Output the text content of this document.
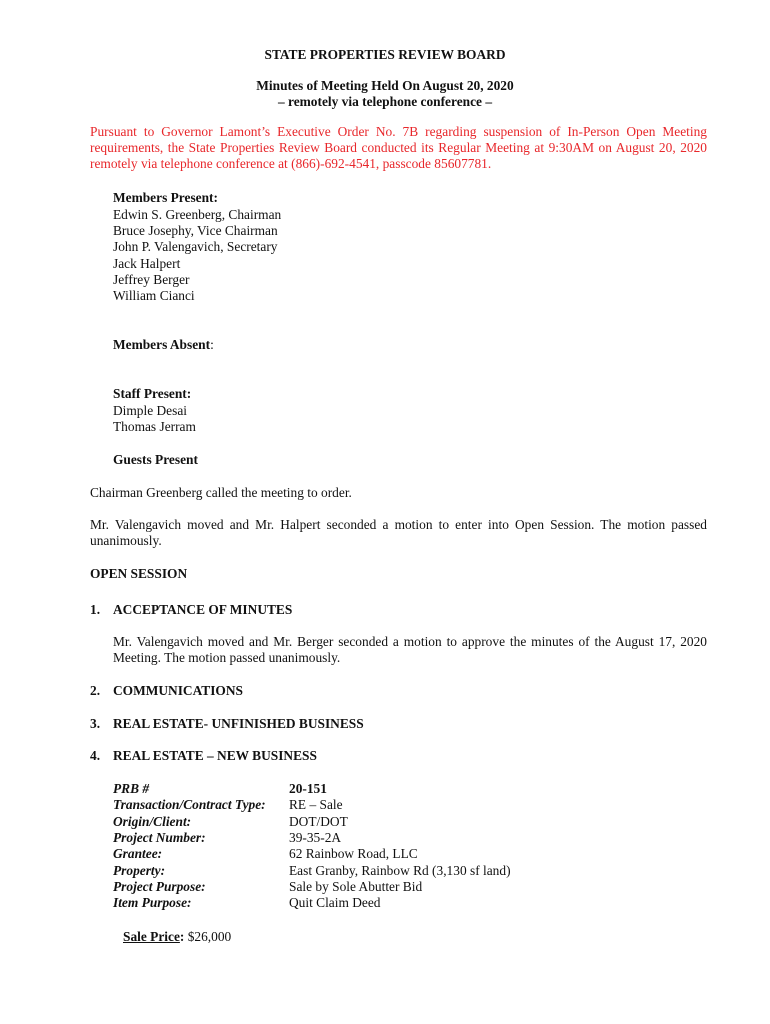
STATE PROPERTIES REVIEW BOARD
Minutes of Meeting Held On August 20, 2020
– remotely via telephone conference –
Pursuant to Governor Lamont’s Executive Order No. 7B regarding suspension of In-Person Open Meeting requirements, the State Properties Review Board conducted its Regular Meeting at 9:30AM on August 20, 2020 remotely via telephone conference at (866)-692-4541, passcode 85607781.
Members Present:
Edwin S. Greenberg, Chairman
Bruce Josephy, Vice Chairman
John P. Valengavich, Secretary
Jack Halpert
Jeffrey Berger
William Cianci
Members Absent:
Staff Present:
Dimple Desai
Thomas Jerram
Guests Present
Chairman Greenberg called the meeting to order.
Mr. Valengavich moved and Mr. Halpert seconded a motion to enter into Open Session. The motion passed unanimously.
OPEN SESSION
1. ACCEPTANCE OF MINUTES
Mr. Valengavich moved and Mr. Berger seconded a motion to approve the minutes of the August 17, 2020 Meeting. The motion passed unanimously.
2. COMMUNICATIONS
3. REAL ESTATE- UNFINISHED BUSINESS
4. REAL ESTATE – NEW BUSINESS
PRB #	20-151
Transaction/Contract Type: RE – Sale
Origin/Client:	DOT/DOT
Project Number:	39-35-2A
Grantee:	62 Rainbow Road, LLC
Property:	East Granby, Rainbow Rd (3,130 sf land)
Project Purpose:	Sale by Sole Abutter Bid
Item Purpose:	Quit Claim Deed
Sale Price: $26,000
